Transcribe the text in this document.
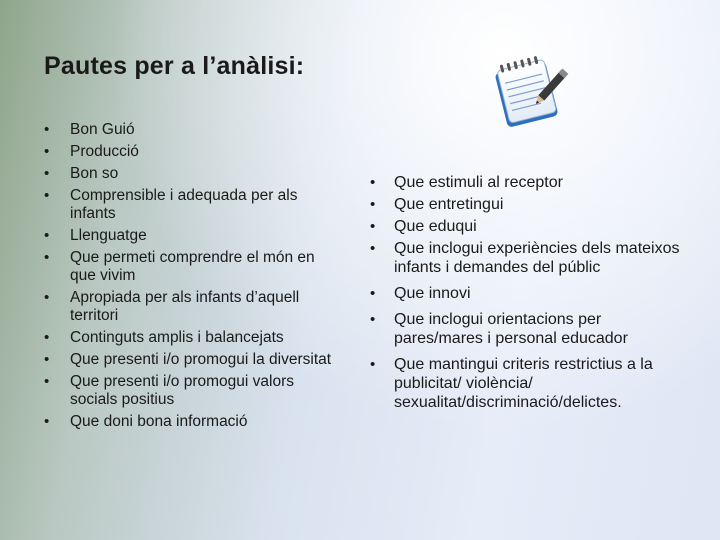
Pautes per a l’anàlisi:
• Bon Guió
• Producció
• Bon so
• Comprensible i adequada per als infants
• Llenguatge
• Que permeti comprendre el món en que vivim
• Apropiada per als infants d’aquell territori
• Continguts amplis i balancejats
• Que presenti i/o promogui la diversitat
• Que presenti i/o promogui valors socials positius
• Que doni bona informació
• Que estimuli al receptor
• Que entretingui
• Que eduqui
• Que inclogui experiències dels mateixos infants i demandes del públic
• Que innovi
• Que inclogui orientacions per pares/mares i personal educador
• Que mantingui criteris restrictius a la publicitat/ violència/ sexualitat/discriminació/delictes.
